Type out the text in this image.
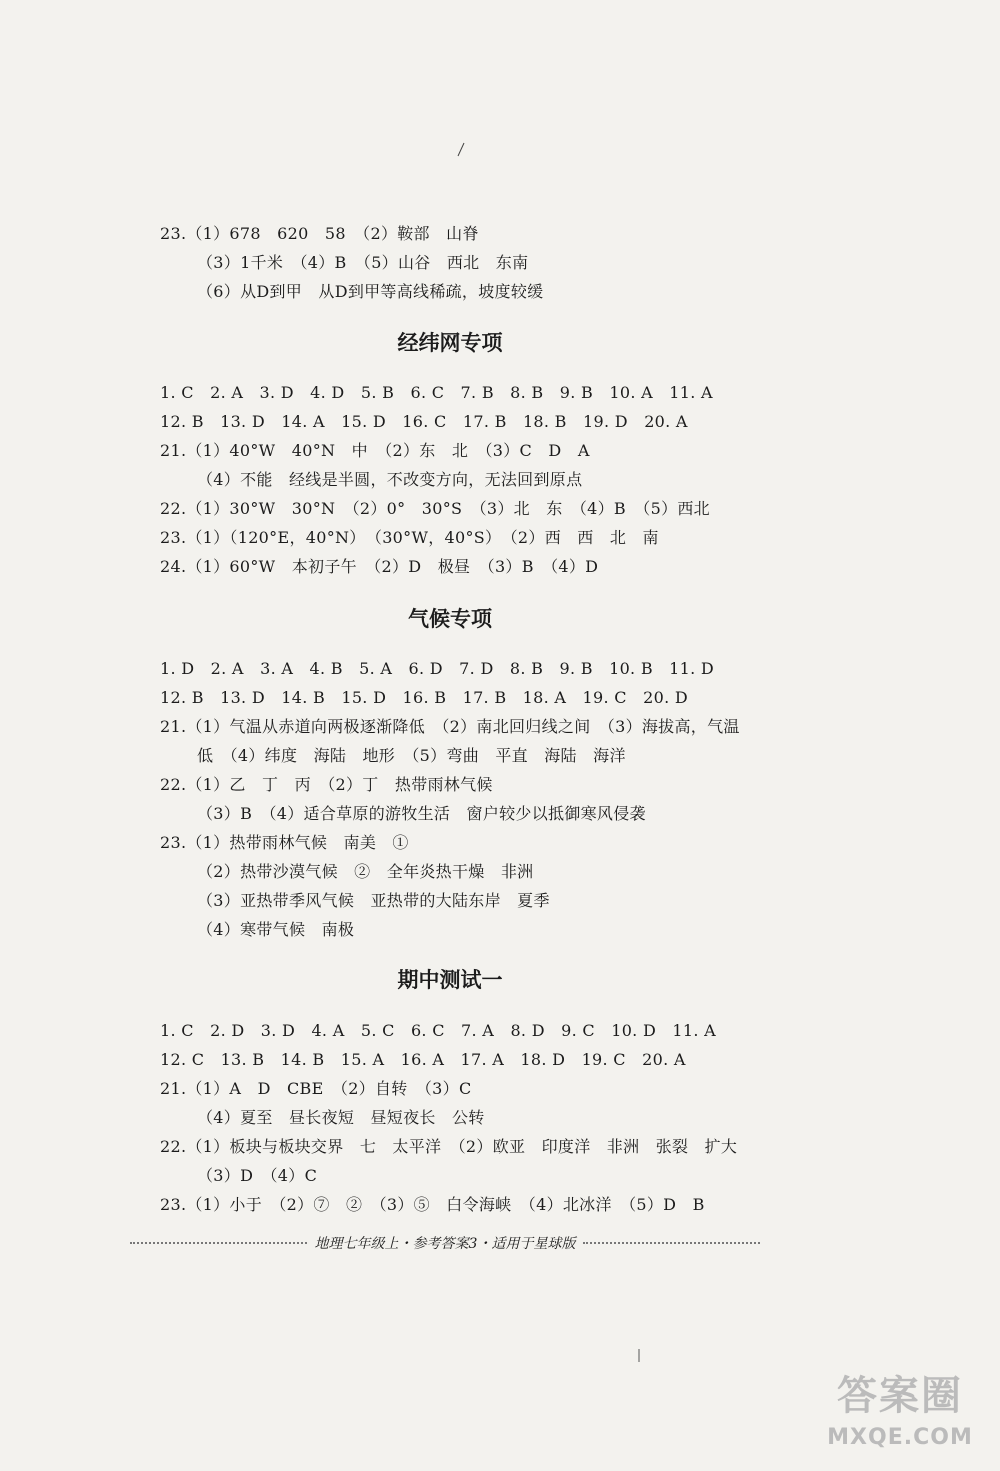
23.（1）678　620　58　（2）鞍部　山脊
（3）1千米　（4）B　（5）山谷　西北　东南
（6）从D到甲　从D到甲等高线稀疏，坡度较缓
经纬网专项
1. C　2. A　3. D　4. D　5. B　6. C　7. B　8. B　9. B　10. A　11. A
12. B　13. D　14. A　15. D　16. C　17. B　18. B　19. D　20. A
21.（1）40°W　40°N　中　（2）东　北　（3）C　D　A
（4）不能　经线是半圆，不改变方向，无法回到原点
22.（1）30°W　30°N　（2）0°　30°S　（3）北　东　（4）B　（5）西北
23.（1）（120°E，40°N）　（30°W，40°S）　（2）西　西　北　南
24.（1）60°W　本初子午　（2）D　极昼　（3）B　（4）D
气候专项
1. D　2. A　3. A　4. B　5. A　6. D　7. D　8. B　9. B　10. B　11. D
12. B　13. D　14. B　15. D　16. B　17. B　18. A　19. C　20. D
21.（1）气温从赤道向两极逐渐降低　（2）南北回归线之间　（3）海拔高，气温
低　（4）纬度　海陆　地形　（5）弯曲　平直　海陆　海洋
22.（1）乙　丁　丙　（2）丁　热带雨林气候
（3）B　（4）适合草原的游牧生活　窗户较少以抵御寒风侵袭
23.（1）热带雨林气候　南美　①
（2）热带沙漠气候　②　全年炎热干燥　非洲
（3）亚热带季风气候　亚热带的大陆东岸　夏季
（4）寒带气候　南极
期中测试一
1. C　2. D　3. D　4. A　5. C　6. C　7. A　8. D　9. C　10. D　11. A
12. C　13. B　14. B　15. A　16. A　17. A　18. D　19. C　20. A
21.（1）A　D　CBE　（2）自转　（3）C
（4）夏至　昼长夜短　昼短夜长　公转
22.（1）板块与板块交界　七　太平洋　（2）欧亚　印度洋　非洲　张裂　扩大
（3）D　（4）C
23.（1）小于　（2）⑦　②　（3）⑤　白令海峡　（4）北冰洋　（5）D　B
地理七年级上・参考答案3・适用于星球版
答案圈
MXQE.COM
